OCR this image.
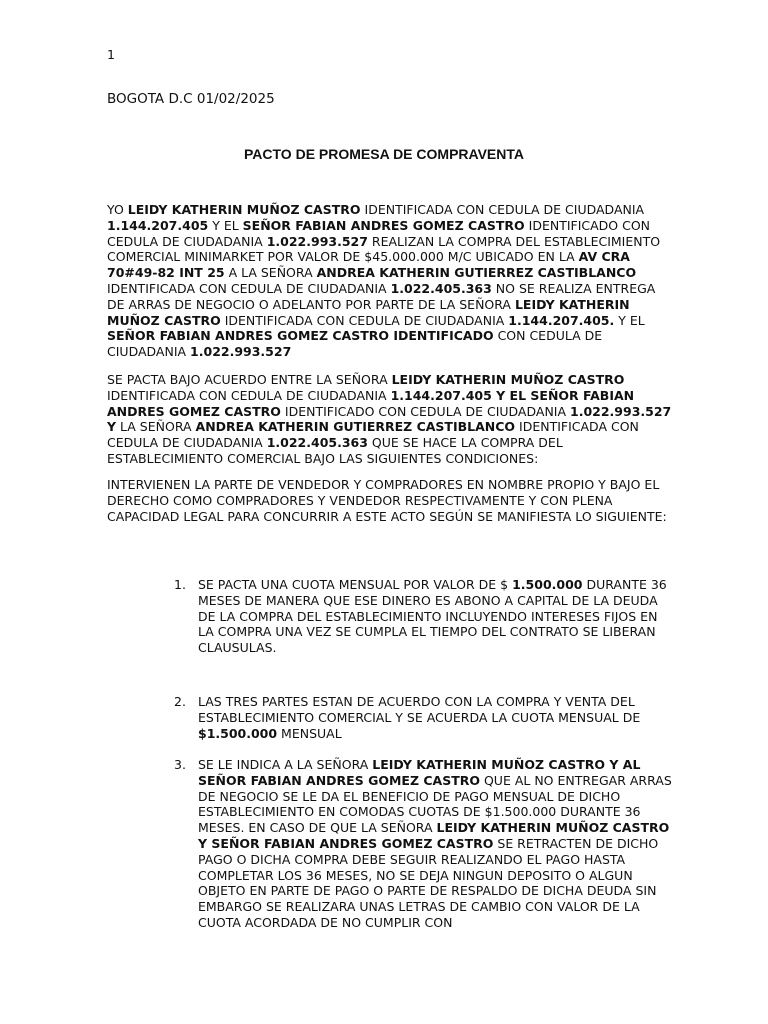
1
BOGOTA D.C 01/02/2025
PACTO DE PROMESA DE COMPRAVENTA

YO LEIDY KATHERIN MUÑOZ CASTRO IDENTIFICADA CON CEDULA DE CIUDADANIA 1.144.207.405 Y EL SEÑOR FABIAN ANDRES GOMEZ CASTRO IDENTIFICADO CON CEDULA DE CIUDADANIA 1.022.993.527 REALIZAN LA COMPRA DEL ESTABLECIMIENTO COMERCIAL MINIMARKET POR VALOR DE $45.000.000 M/C UBICADO EN LA AV CRA 70#49-82 INT 25 A LA SEÑORA ANDREA KATHERIN GUTIERREZ CASTIBLANCO IDENTIFICADA CON CEDULA DE CIUDADANIA 1.022.405.363 NO SE REALIZA ENTREGA DE ARRAS DE NEGOCIO O ADELANTO POR PARTE DE LA SEÑORA LEIDY KATHERIN MUÑOZ CASTRO IDENTIFICADA CON CEDULA DE CIUDADANIA 1.144.207.405. Y EL SEÑOR FABIAN ANDRES GOMEZ CASTRO IDENTIFICADO CON CEDULA DE CIUDADANIA 1.022.993.527

SE PACTA BAJO ACUERDO ENTRE LA SEÑORA LEIDY KATHERIN MUÑOZ CASTRO IDENTIFICADA CON CEDULA DE CIUDADANIA 1.144.207.405 Y EL SEÑOR FABIAN ANDRES GOMEZ CASTRO IDENTIFICADO CON CEDULA DE CIUDADANIA 1.022.993.527 Y LA SEÑORA ANDREA KATHERIN GUTIERREZ CASTIBLANCO IDENTIFICADA CON CEDULA DE CIUDADANIA 1.022.405.363 QUE SE HACE LA COMPRA DEL ESTABLECIMIENTO COMERCIAL BAJO LAS SIGUIENTES CONDICIONES:

INTERVIENEN LA PARTE DE VENDEDOR Y COMPRADORES EN NOMBRE PROPIO Y BAJO EL DERECHO COMO COMPRADORES Y VENDEDOR RESPECTIVAMENTE Y CON PLENA CAPACIDAD LEGAL PARA CONCURRIR A ESTE ACTO SEGÚN SE MANIFIESTA LO SIGUIENTE:

1. SE PACTA UNA CUOTA MENSUAL POR VALOR DE $ 1.500.000 DURANTE 36 MESES DE MANERA QUE ESE DINERO ES ABONO A CAPITAL DE LA DEUDA DE LA COMPRA DEL ESTABLECIMIENTO INCLUYENDO INTERESES FIJOS EN LA COMPRA UNA VEZ SE CUMPLA EL TIEMPO DEL CONTRATO SE LIBERAN CLAUSULAS.
2. LAS TRES PARTES ESTAN DE ACUERDO CON LA COMPRA Y VENTA DEL ESTABLECIMIENTO COMERCIAL Y SE ACUERDA LA CUOTA MENSUAL DE $1.500.000 MENSUAL
3. SE LE INDICA A LA SEÑORA LEIDY KATHERIN MUÑOZ CASTRO Y AL SEÑOR FABIAN ANDRES GOMEZ CASTRO QUE AL NO ENTREGAR ARRAS DE NEGOCIO SE LE DA EL BENEFICIO DE PAGO MENSUAL DE DICHO ESTABLECIMIENTO EN COMODAS CUOTAS DE $1.500.000 DURANTE 36 MESES. EN CASO DE QUE LA SEÑORA LEIDY KATHERIN MUÑOZ CASTRO Y SEÑOR FABIAN ANDRES GOMEZ CASTRO SE RETRACTEN DE DICHO PAGO O DICHA COMPRA DEBE SEGUIR REALIZANDO EL PAGO HASTA COMPLETAR LOS 36 MESES, NO SE DEJA NINGUN DEPOSITO O ALGUN OBJETO EN PARTE DE PAGO O PARTE DE RESPALDO DE DICHA DEUDA SIN EMBARGO SE REALIZARA UNAS LETRAS DE CAMBIO CON VALOR DE LA CUOTA ACORDADA DE NO CUMPLIR CON
